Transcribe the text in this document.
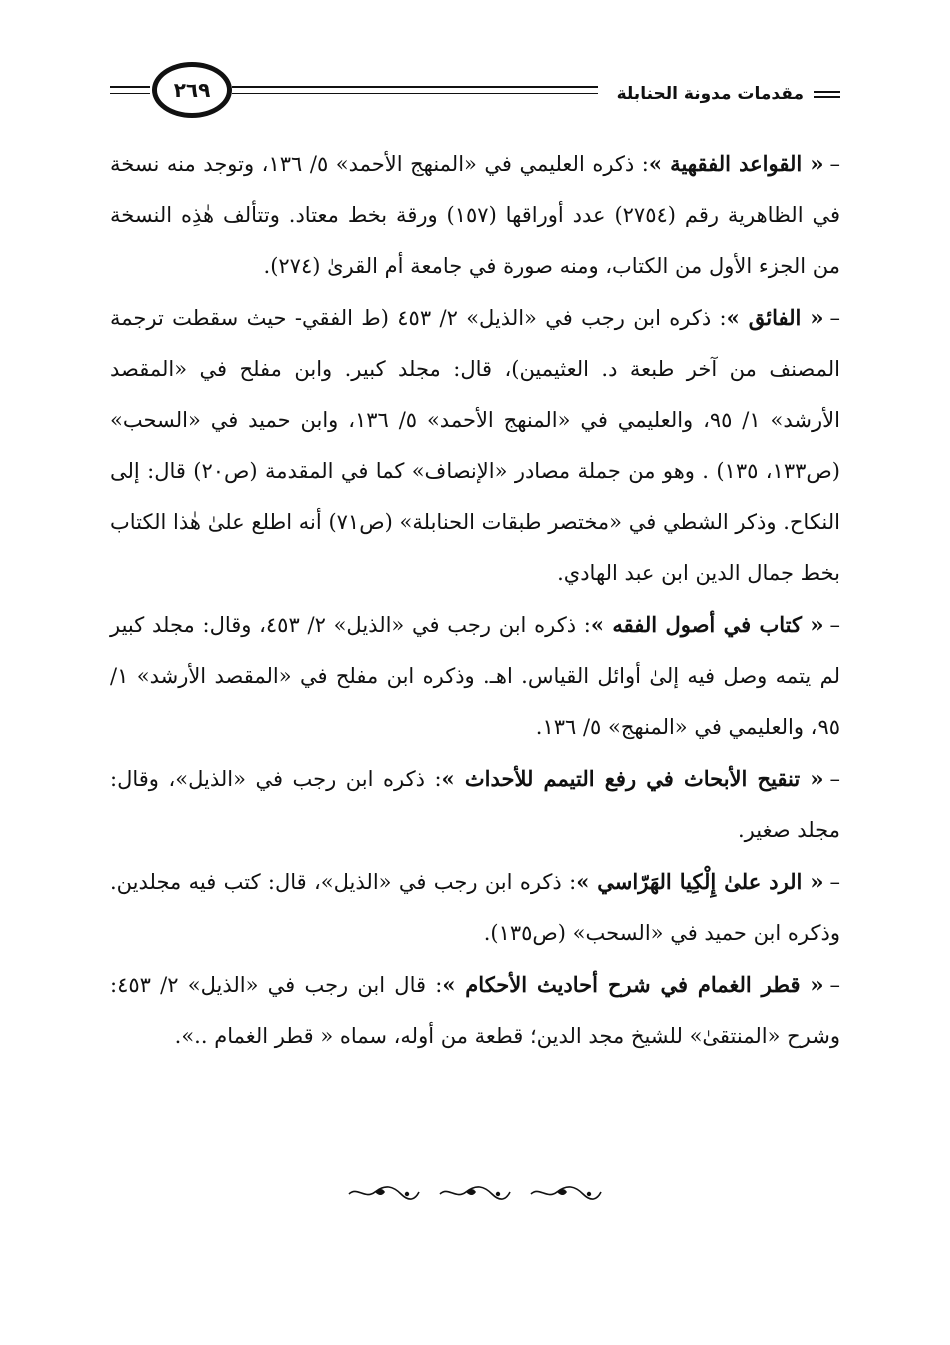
٢٦٩	مقدمات مدونة الحنابلة

–« القواعد الفقهية »: ذكره العليمي في «المنهج الأحمد» ٥/ ١٣٦، وتوجد منه نسخة في الظاهرية رقم (٢٧٥٤) عدد أوراقها (١٥٧) ورقة بخط معتاد. وتتألف هٰذِه النسخة من الجزء الأول من الكتاب، ومنه صورة في جامعة أم القرىٰ (٢٧٤).

–« الفائق »: ذكره ابن رجب في «الذيل» ٢/ ٤٥٣ (ط الفقي- حيث سقطت ترجمة المصنف من آخر طبعة د. العثيمين)، قال: مجلد كبير. وابن مفلح في «المقصد الأرشد» ١/ ٩٥، والعليمي في «المنهج الأحمد» ٥/ ١٣٦، وابن حميد في «السحب» (ص١٣٣، ١٣٥) . وهو من جملة مصادر «الإنصاف» كما في المقدمة (ص٢٠) قال: إلى النكاح. وذكر الشطي في «مختصر طبقات الحنابلة» (ص٧١) أنه اطلع علىٰ هٰذا الكتاب بخط جمال الدين ابن عبد الهادي.

–« كتاب في أصول الفقه »: ذكره ابن رجب في «الذيل» ٢/ ٤٥٣، وقال: مجلد كبير لم يتمه وصل فيه إلىٰ أوائل القياس. اهـ. وذكره ابن مفلح في «المقصد الأرشد» ١/ ٩٥، والعليمي في «المنهج» ٥/ ١٣٦.

–« تنقيح الأبحاث في رفع التيمم للأحداث »: ذكره ابن رجب في «الذيل»، وقال: مجلد صغير.

–« الرد علىٰ إِلْكِيا الهَرّاسي »: ذكره ابن رجب في «الذيل»، قال: كتب فيه مجلدين. وذكره ابن حميد في «السحب» (ص١٣٥).

–« قطر الغمام في شرح أحاديث الأحكام »: قال ابن رجب في «الذيل» ٢/ ٤٥٣: وشرح «المنتقىٰ» للشيخ مجد الدين؛ قطعة من أوله، سماه « قطر الغمام ..».
